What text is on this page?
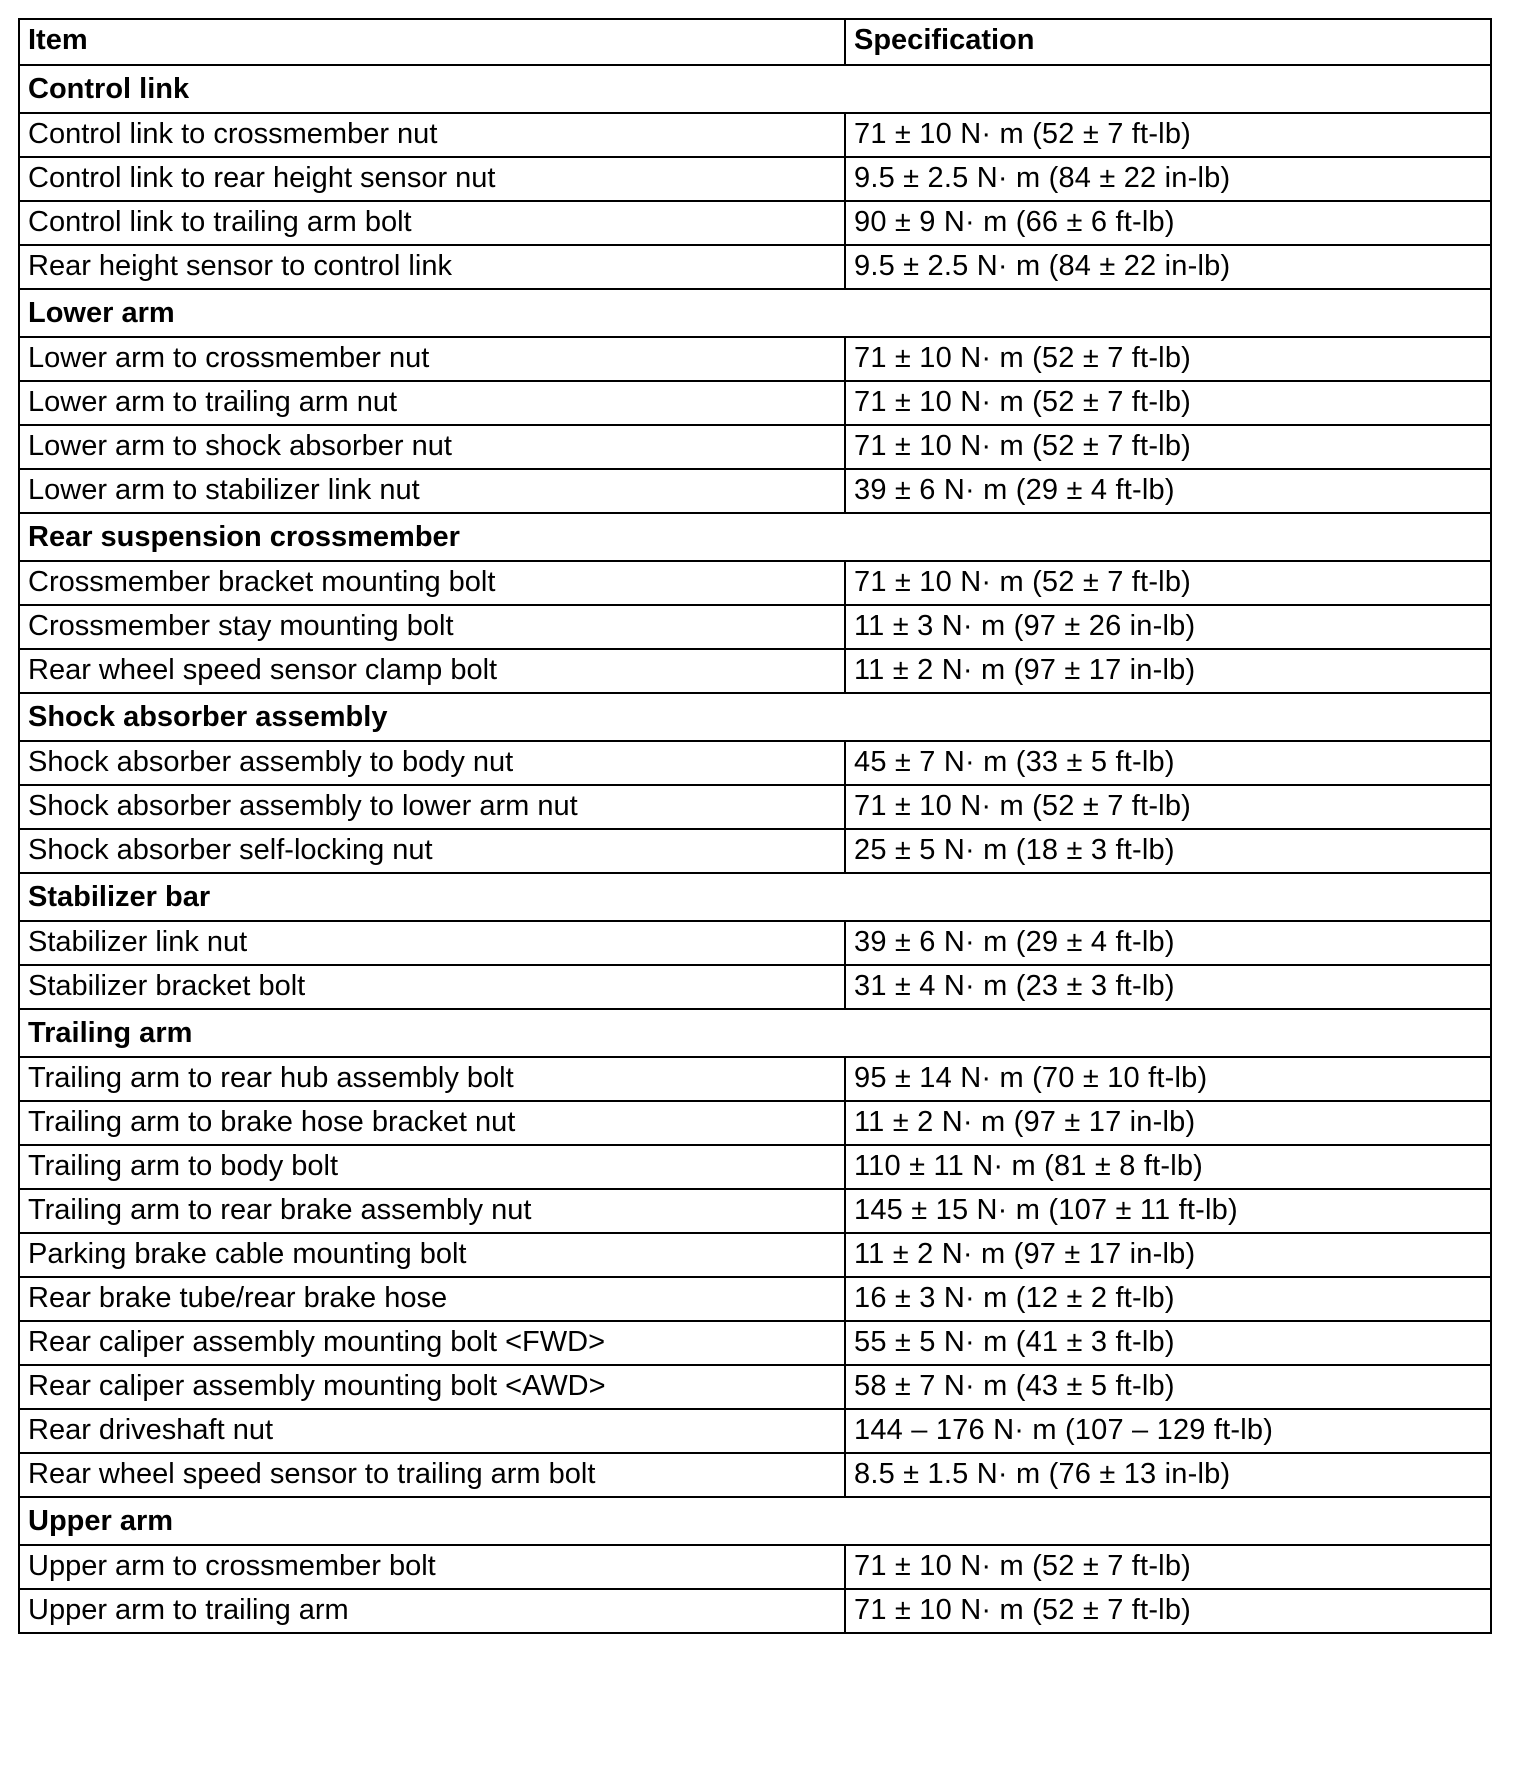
Item	Specification
Control link	
Control link to crossmember nut	71 ± 10 N· m (52 ± 7 ft-lb)
Control link to rear height sensor nut	9.5 ± 2.5 N· m (84 ± 22 in-lb)
Control link to trailing arm bolt	90 ± 9 N· m (66 ± 6 ft-lb)
Rear height sensor to control link	9.5 ± 2.5 N· m (84 ± 22 in-lb)
Lower arm	
Lower arm to crossmember nut	71 ± 10 N· m (52 ± 7 ft-lb)
Lower arm to trailing arm nut	71 ± 10 N· m (52 ± 7 ft-lb)
Lower arm to shock absorber nut	71 ± 10 N· m (52 ± 7 ft-lb)
Lower arm to stabilizer link nut	39 ± 6 N· m (29 ± 4 ft-lb)
Rear suspension crossmember	
Crossmember bracket mounting bolt	71 ± 10 N· m (52 ± 7 ft-lb)
Crossmember stay mounting bolt	11 ± 3 N· m (97 ± 26 in-lb)
Rear wheel speed sensor clamp bolt	11 ± 2 N· m (97 ± 17 in-lb)
Shock absorber assembly	
Shock absorber assembly to body nut	45 ± 7 N· m (33 ± 5 ft-lb)
Shock absorber assembly to lower arm nut	71 ± 10 N· m (52 ± 7 ft-lb)
Shock absorber self-locking nut	25 ± 5 N· m (18 ± 3 ft-lb)
Stabilizer bar	
Stabilizer link nut	39 ± 6 N· m (29 ± 4 ft-lb)
Stabilizer bracket bolt	31 ± 4 N· m (23 ± 3 ft-lb)
Trailing arm	
Trailing arm to rear hub assembly bolt	95 ± 14 N· m (70 ± 10 ft-lb)
Trailing arm to brake hose bracket nut	11 ± 2 N· m (97 ± 17 in-lb)
Trailing arm to body bolt	110 ± 11 N· m (81 ± 8 ft-lb)
Trailing arm to rear brake assembly nut	145 ± 15 N· m (107 ± 11 ft-lb)
Parking brake cable mounting bolt	11 ± 2 N· m (97 ± 17 in-lb)
Rear brake tube/rear brake hose	16 ± 3 N· m (12 ± 2 ft-lb)
Rear caliper assembly mounting bolt <FWD>	55 ± 5 N· m (41 ± 3 ft-lb)
Rear caliper assembly mounting bolt <AWD>	58 ± 7 N· m (43 ± 5 ft-lb)
Rear driveshaft nut	144 – 176 N· m (107 – 129 ft-lb)
Rear wheel speed sensor to trailing arm bolt	8.5 ± 1.5 N· m (76 ± 13 in-lb)
Upper arm	
Upper arm to crossmember bolt	71 ± 10 N· m (52 ± 7 ft-lb)
Upper arm to trailing arm	71 ± 10 N· m (52 ± 7 ft-lb)
